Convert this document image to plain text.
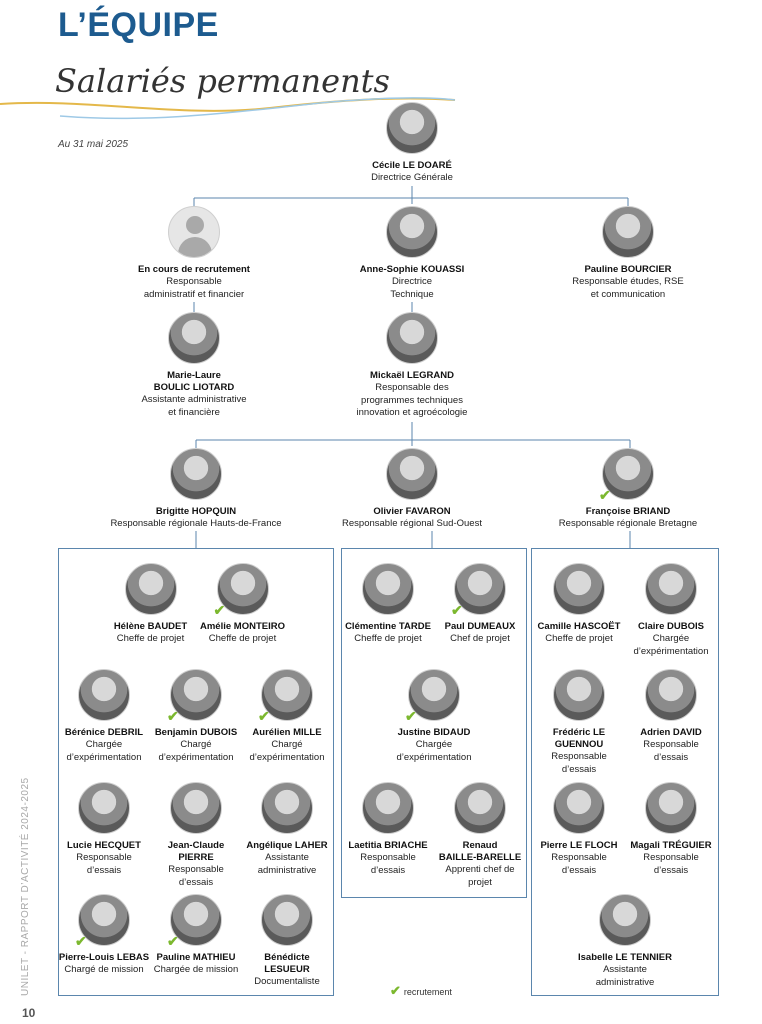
L’ÉQUIPE
Salariés permanents
Au 31 mai 2025
Cécile LE DOARÉ
Directrice Générale
En cours de recrutement
Responsable
administratif et financier
Anne-Sophie KOUASSI
Directrice
Technique
Pauline BOURCIER
Responsable études, RSE
et communication
Marie-Laure
BOULIC LIOTARD
Assistante administrative
et financière
Mickaël LEGRAND
Responsable des
programmes techniques
innovation et agroécologie
Brigitte HOPQUIN
Responsable régionale Hauts-de-France
Olivier FAVARON
Responsable régional Sud-Ouest
✔
Françoise BRIAND
Responsable régionale Bretagne
Hélène BAUDET
Cheffe de projet
✔
Amélie MONTEIRO
Cheffe de projet
Bérénice DEBRIL
Chargée
d’expérimentation
✔
Benjamin DUBOIS
Chargé
d’expérimentation
✔
Aurélien MILLE
Chargé
d’expérimentation
Lucie HECQUET
Responsable
d’essais
Jean-Claude PIERRE
Responsable
d’essais
Angélique LAHER
Assistante
administrative
✔
Pierre-Louis LEBAS
Chargé de mission
✔
Pauline MATHIEU
Chargée de mission
Bénédicte LESUEUR
Documentaliste
Clémentine TARDE
Cheffe de projet
✔
Paul DUMEAUX
Chef de projet
✔
Justine BIDAUD
Chargée
d’expérimentation
Laetitia BRIACHE
Responsable
d’essais
Renaud
BAILLE-BARELLE
Apprenti chef de
projet
Camille HASCOËT
Cheffe de projet
Claire DUBOIS
Chargée
d’expérimentation
Frédéric LE GUENNOU
Responsable
d’essais
Adrien DAVID
Responsable
d’essais
Pierre LE FLOCH
Responsable
d’essais
Magali TRÉGUIER
Responsable
d’essais
Isabelle LE TENNIER
Assistante
administrative
✔ recrutement
UNILET - RAPPORT D’ACTIVITÉ 2024-2025
10
